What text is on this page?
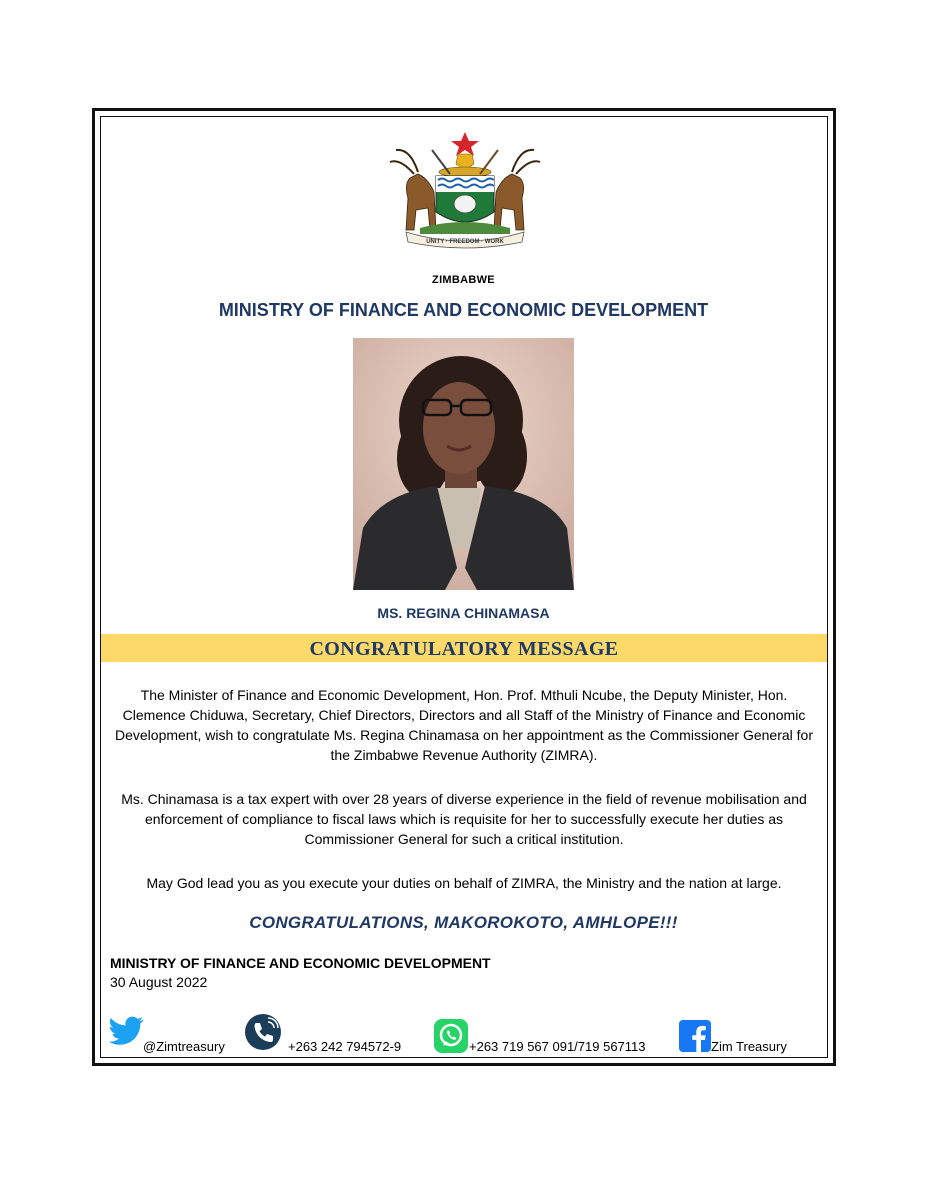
UNITY · FREEDOM · WORK
ZIMBABWE
MINISTRY OF FINANCE AND ECONOMIC DEVELOPMENT
MS. REGINA CHINAMASA
CONGRATULATORY MESSAGE
The Minister of Finance and Economic Development, Hon. Prof. Mthuli Ncube, the Deputy Minister, Hon. Clemence Chiduwa, Secretary, Chief Directors, Directors and all Staff of the Ministry of Finance and Economic Development, wish to congratulate Ms. Regina Chinamasa on her appointment as the Commissioner General for the Zimbabwe Revenue Authority (ZIMRA).
Ms. Chinamasa is a tax expert with over 28 years of diverse experience in the field of revenue mobilisation and enforcement of compliance to fiscal laws which is requisite for her to successfully execute her duties as Commissioner General for such a critical institution.
May God lead you as you execute your duties on behalf of ZIMRA, the Ministry and the nation at large.
CONGRATULATIONS, MAKOROKOTO, AMHLOPE!!!
MINISTRY OF FINANCE AND ECONOMIC DEVELOPMENT
30 August 2022
@Zimtreasury	+263 242 794572-9	+263 719 567 091/719 567113	Zim Treasury
